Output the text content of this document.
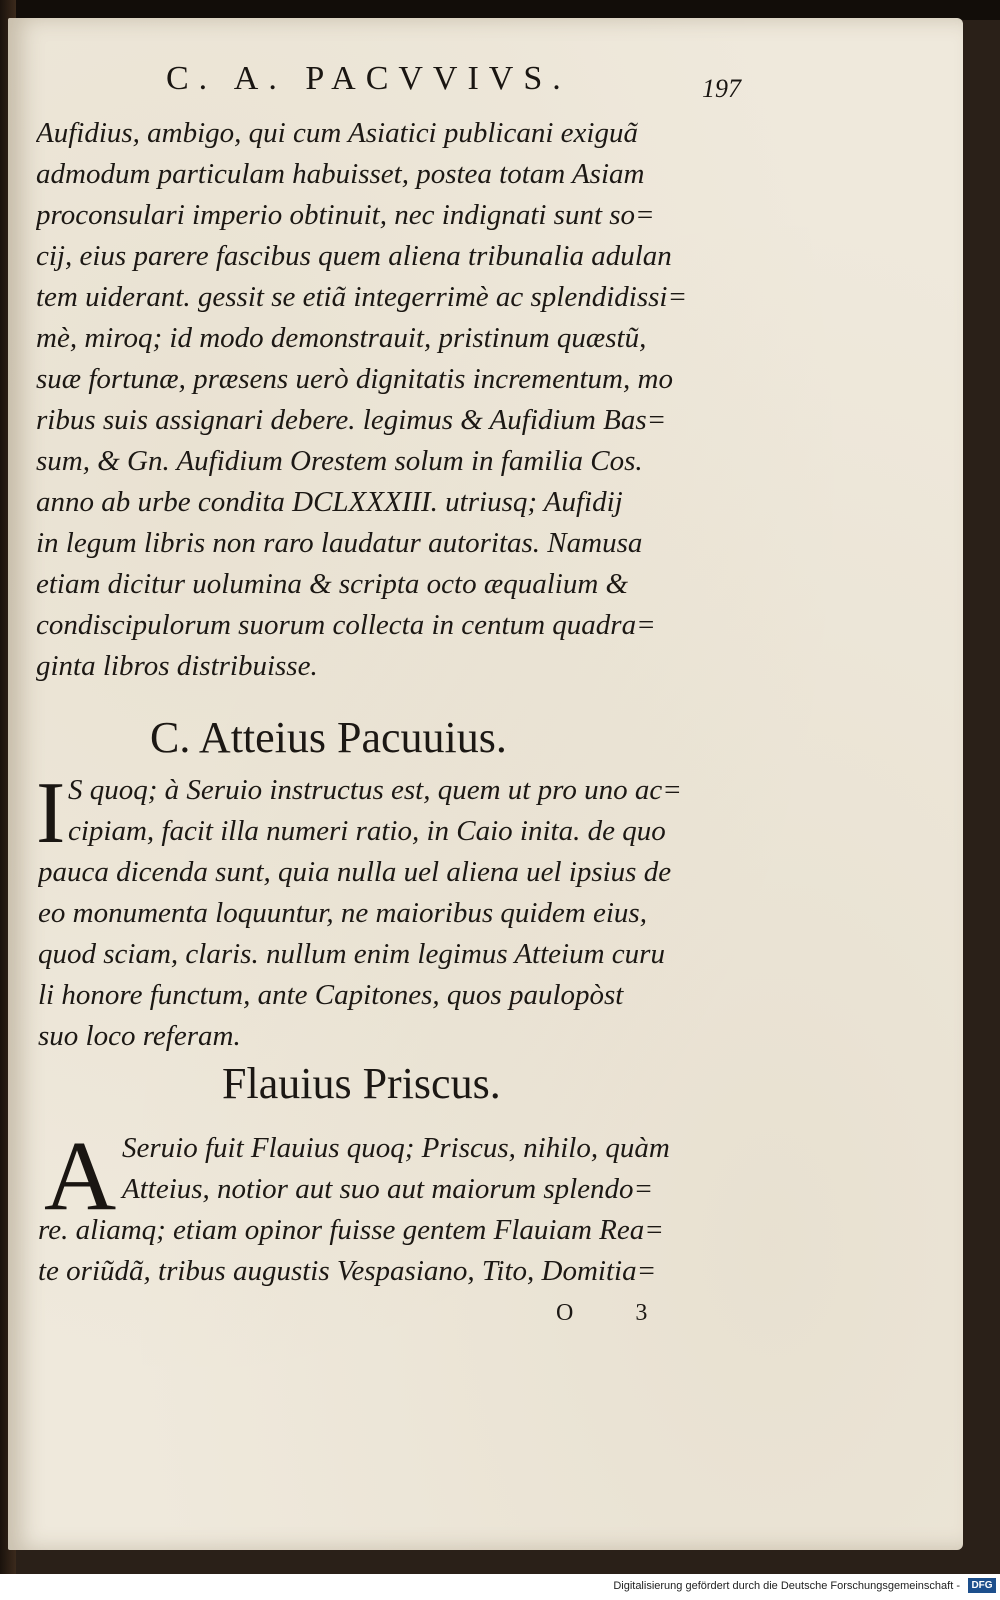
C. A. PACVVIVS.	197
Aufidius, ambigo, qui cum Asiatici publicani exiguã
admodum particulam habuisset, postea totam Asiam
proconsulari imperio obtinuit, nec indignati sunt so=
cij, eius parere fascibus quem aliena tribunalia adulan
tem uiderant. gessit se etiã integerrimè ac splendidissi=
mè, miroq; id modo demonstrauit, pristinum quæstũ,
suæ fortunæ, præsens uerò dignitatis incrementum, mo
ribus suis assignari debere. legimus & Aufidium Bas=
sum, & Gn. Aufidium Orestem solum in familia Cos.
anno ab urbe condita DCLXXXIII. utriusq; Aufidij
in legum libris non raro laudatur autoritas. Namusa
etiam dicitur uolumina & scripta octo æqualium &
condiscipulorum suorum collecta in centum quadra=
ginta libros distribuisse.
C. Atteius Pacuuius.
I S quoq; à Seruio instructus est, quem ut pro uno ac=
cipiam, facit illa numeri ratio, in Caio inita. de quo
pauca dicenda sunt, quia nulla uel aliena uel ipsius de
eo monumenta loquuntur, ne maioribus quidem eius,
quod sciam, claris. nullum enim legimus Atteium curu
li honore functum, ante Capitones, quos paulopòst
suo loco referam.
Flauius Priscus.
A Seruio fuit Flauius quoq; Priscus, nihilo, quàm
Atteius, notior aut suo aut maiorum splendo=
re. aliamq; etiam opinor fuisse gentem Flauiam Rea=
te oriũdã, tribus augustis Vespasiano, Tito, Domitia=
O 3
Digitalisierung gefördert durch die Deutsche Forschungsgemeinschaft -	DFG
